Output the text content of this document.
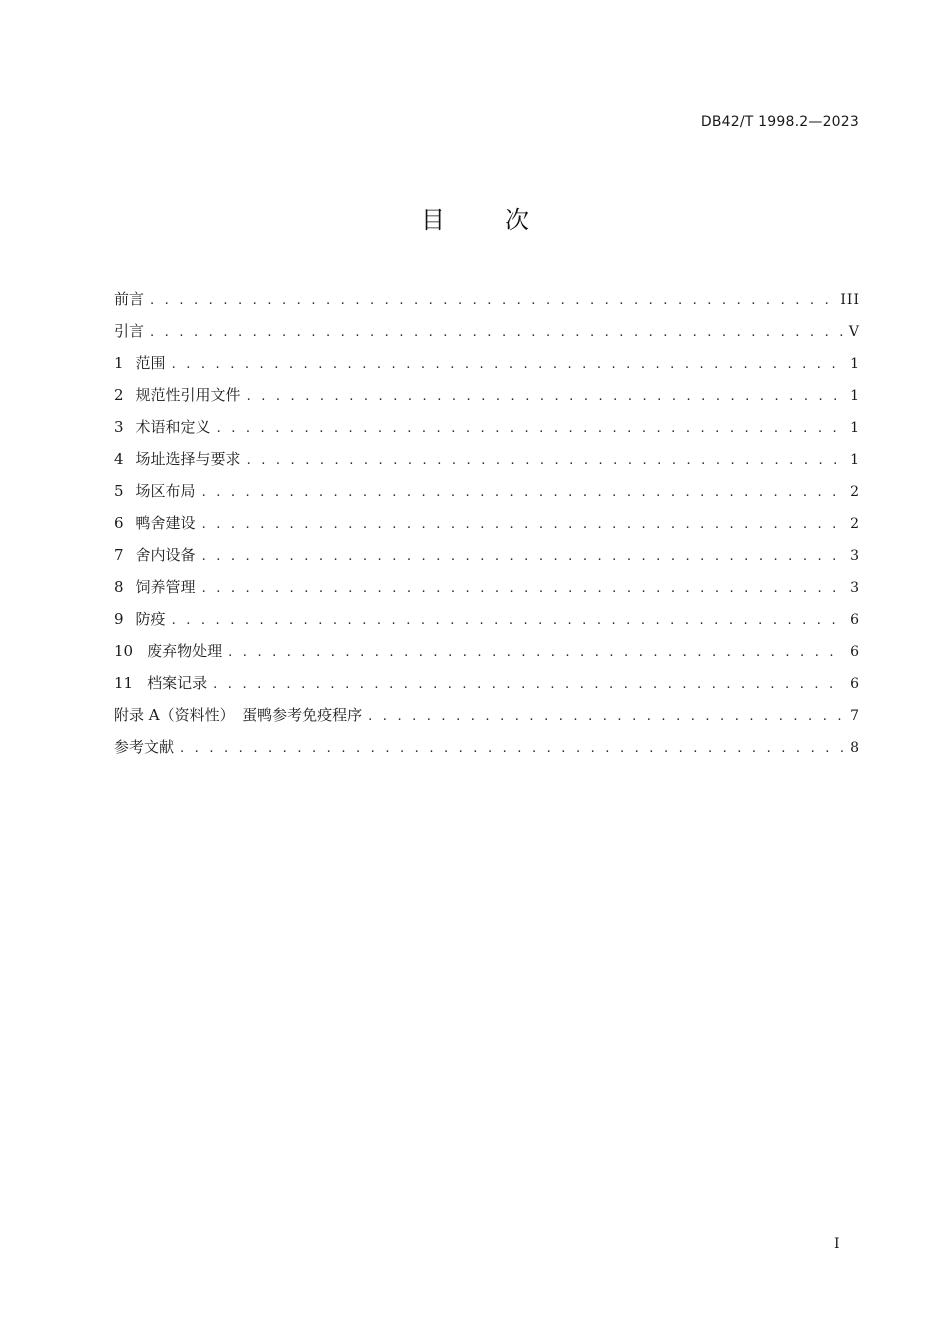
DB42/T 1998.2—2023
目次
前言 . . .	III
引言 . . .	V
1 范围 . . .	1
2 规范性引用文件 . . .	1
3 术语和定义 . . .	1
4 场址选择与要求 . . .	1
5 场区布局 . . .	2
6 鸭舍建设 . . .	2
7 舍内设备 . . .	3
8 饲养管理 . . .	3
9 防疫 . . .	6
10 废弃物处理 . . .	6
11 档案记录 . . .	6
附录 A（资料性）　蛋鸭参考免疫程序 . . .	7
参考文献 . . .	8
I
